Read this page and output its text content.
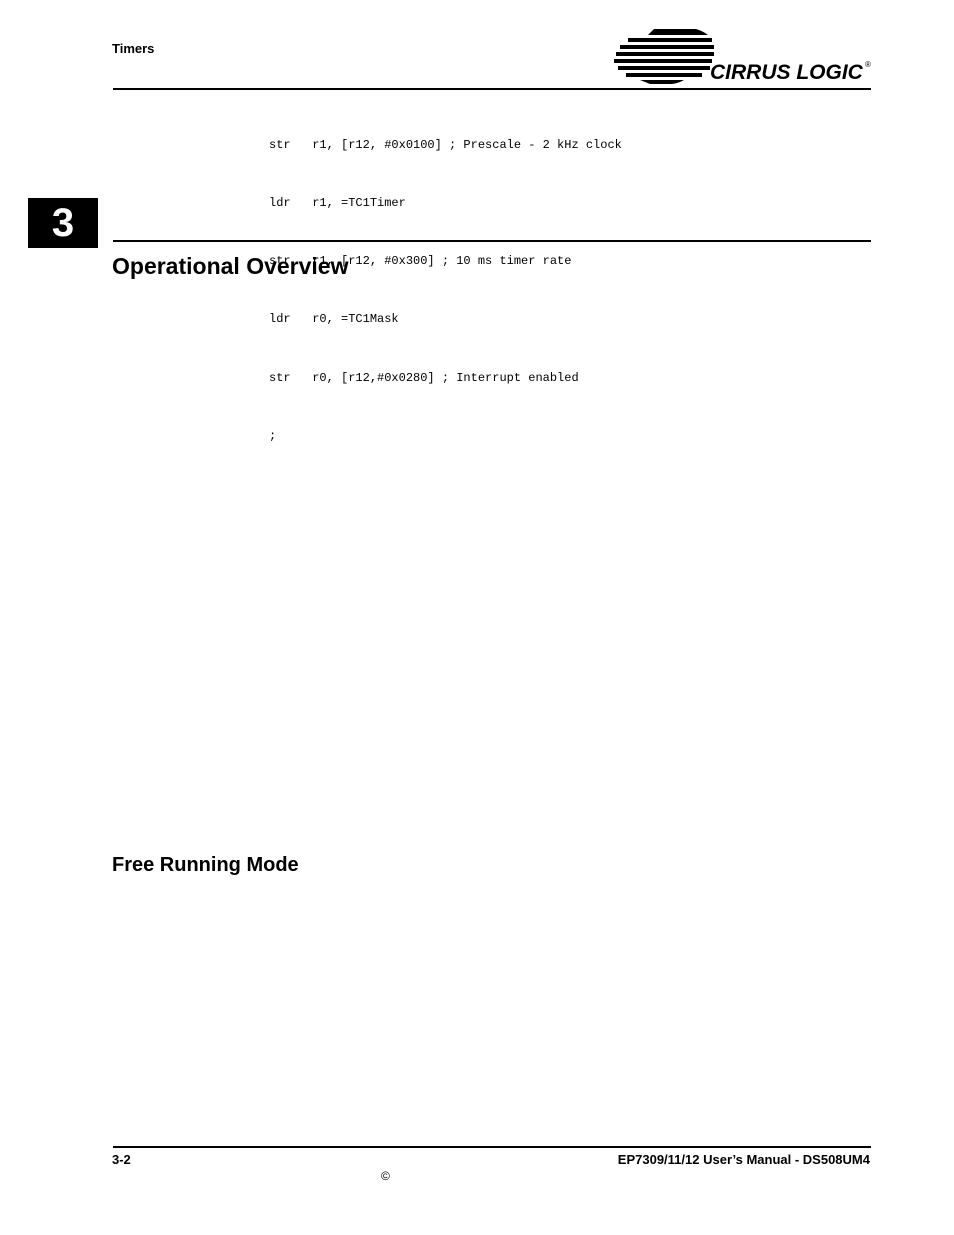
Timers
CIRRUS LOGIC ®

str   r1, [r12, #0x0100] ; Prescale - 2 kHz clock

ldr   r1, =TC1Timer

str   r1, [r12, #0x300] ; 10 ms timer rate

ldr   r0, =TC1Mask

str   r0, [r12,#0x0280] ; Interrupt enabled

;

3
Operational Overview
Free Running Mode
3-2	EP7309/11/12 User’s Manual - DS508UM4
©
